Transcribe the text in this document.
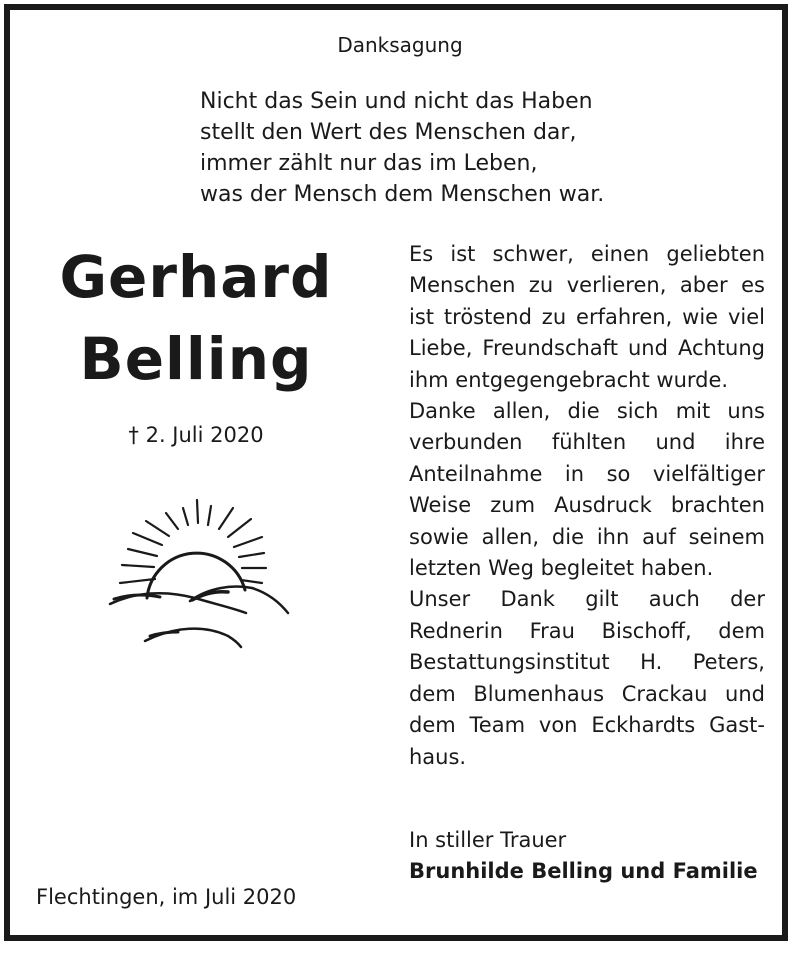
Danksagung
Nicht das Sein und nicht das Haben
stellt den Wert des Menschen dar,
immer zählt nur das im Leben,
was der Mensch dem Menschen war.
Gerhard
Belling
† 2. Juli 2020

Es ist schwer, einen geliebten Menschen zu verlieren, aber es ist tröstend zu erfahren, wie viel Liebe, Freundschaft und Achtung ihm entgegengebracht wurde.

Danke allen, die sich mit uns verbunden fühlten und ihre Anteilnahme in so vielfältiger Weise zum Ausdruck brachten sowie allen, die ihn auf seinem letzten Weg begleitet haben.

Unser Dank gilt auch der Rednerin Frau Bischoff, dem Bestattungsinstitut H. Peters, dem Blumenhaus Crackau und dem Team von Eckhardts Gasthaus.

In stiller Trauer
Brunhilde Belling und Familie
Flechtingen, im Juli 2020
